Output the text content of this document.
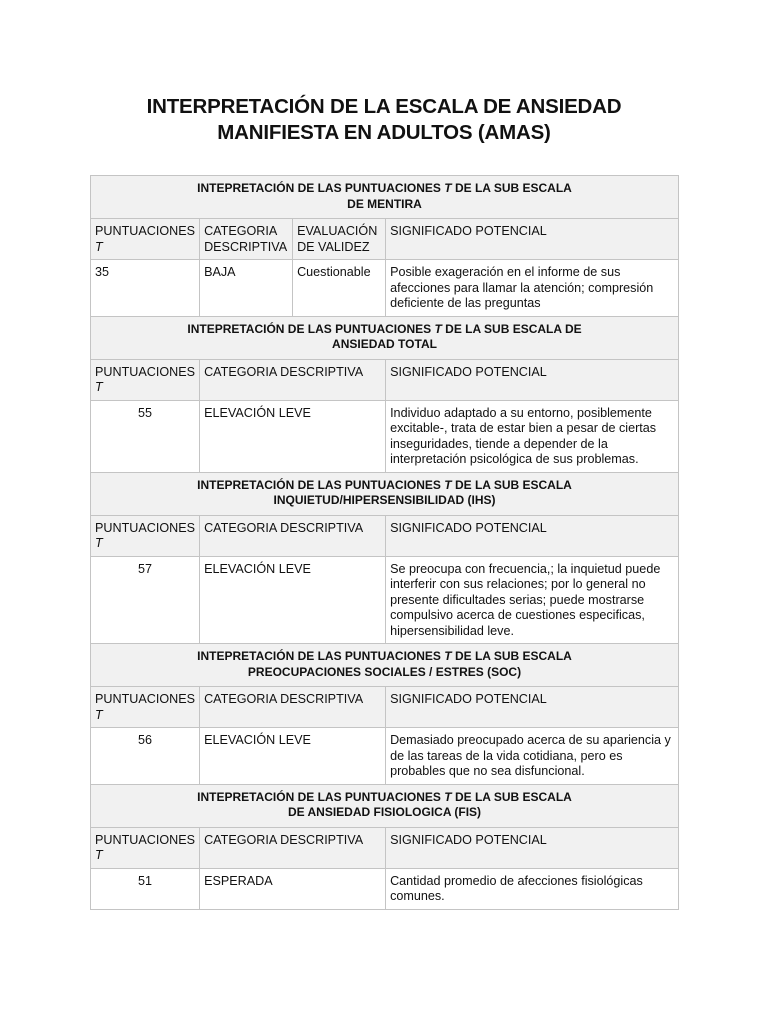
INTERPRETACIÓN DE LA ESCALA DE ANSIEDAD
MANIFIESTA EN ADULTOS (AMAS)
INTEPRETACIÓN DE LAS PUNTUACIONES T DE LA SUB ESCALA
DE MENTIRA			

PUNTUACIONES
T	CATEGORIA DESCRIPTIVA	EVALUACIÓN DE VALIDEZ	SIGNIFICADO POTENCIAL
35	BAJA	Cuestionable	Posible exageración en el informe de sus afecciones para llamar la atención; compresión deficiente de las preguntas

INTEPRETACIÓN DE LAS PUNTUACIONES T DE LA SUB ESCALA DE
ANSIEDAD TOTAL			

PUNTUACIONES
T	CATEGORIA DESCRIPTIVA		SIGNIFICADO POTENCIAL
55	ELEVACIÓN LEVE		Individuo adaptado a su entorno, posiblemente excitable-, trata de estar bien a pesar de ciertas inseguridades, tiende a depender de la interpretación psicológica de sus problemas.

INTEPRETACIÓN DE LAS PUNTUACIONES T DE LA SUB ESCALA
INQUIETUD/HIPERSENSIBILIDAD (IHS)			

PUNTUACIONES
T	CATEGORIA DESCRIPTIVA		SIGNIFICADO POTENCIAL
57	ELEVACIÓN LEVE		Se preocupa con frecuencia,; la inquietud puede interferir con sus relaciones; por lo general no presente dificultades serias; puede mostrarse compulsivo acerca de cuestiones especificas, hipersensibilidad leve.

INTEPRETACIÓN DE LAS PUNTUACIONES T DE LA SUB ESCALA
PREOCUPACIONES SOCIALES / ESTRES (SOC)			

PUNTUACIONES
T	CATEGORIA DESCRIPTIVA		SIGNIFICADO POTENCIAL
56	ELEVACIÓN LEVE		Demasiado preocupado acerca de su apariencia y de las tareas de la vida cotidiana, pero es probables que no sea disfuncional.

INTEPRETACIÓN DE LAS PUNTUACIONES T DE LA SUB ESCALA
DE ANSIEDAD FISIOLOGICA (FIS)			

PUNTUACIONES
T	CATEGORIA DESCRIPTIVA		SIGNIFICADO POTENCIAL
51	ESPERADA		Cantidad promedio de afecciones fisiológicas comunes.
